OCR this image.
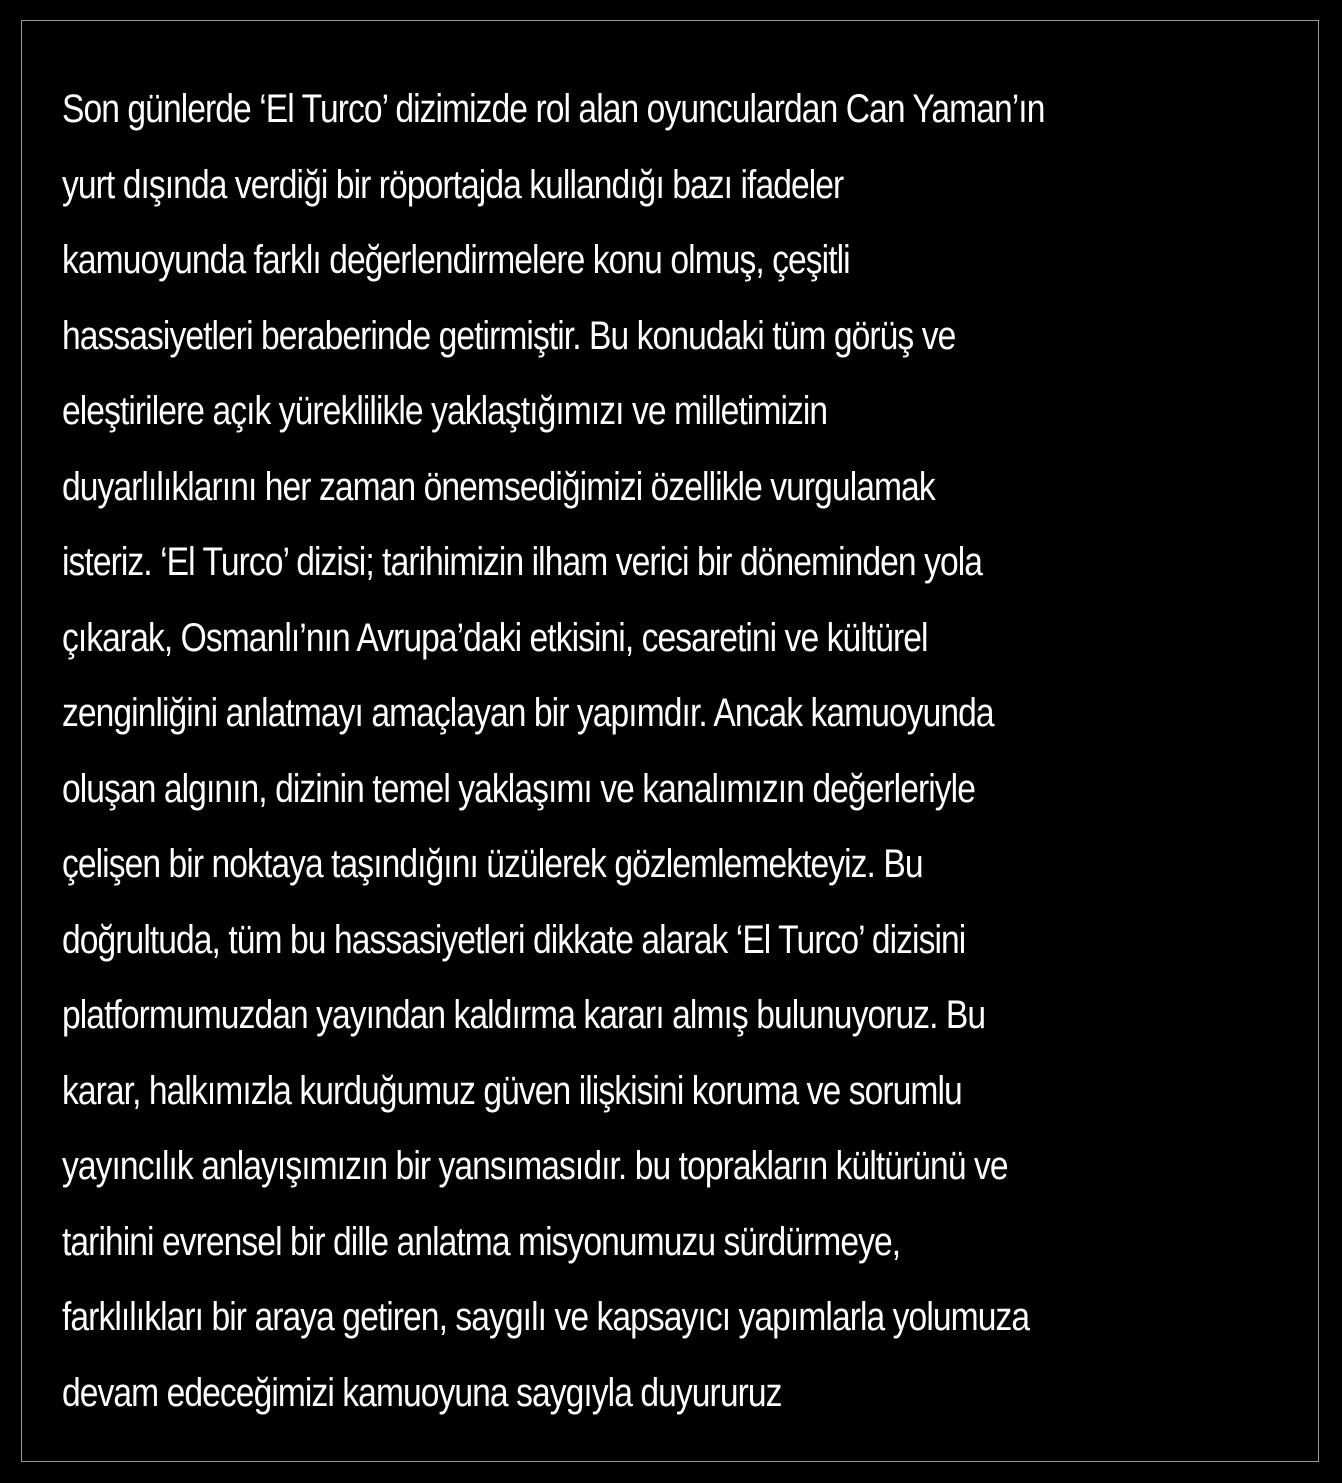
Son günlerde ‘El Turco’ dizimizde rol alan oyunculardan Can Yaman’ın
yurt dışında verdiği bir röportajda kullandığı bazı ifadeler
kamuoyunda farklı değerlendirmelere konu olmuş, çeşitli
hassasiyetleri beraberinde getirmiştir. Bu konudaki tüm görüş ve
eleştirilere açık yüreklilikle yaklaştığımızı ve milletimizin
duyarlılıklarını her zaman önemsediğimizi özellikle vurgulamak
isteriz. ‘El Turco’ dizisi; tarihimizin ilham verici bir döneminden yola
çıkarak, Osmanlı’nın Avrupa’daki etkisini, cesaretini ve kültürel
zenginliğini anlatmayı amaçlayan bir yapımdır. Ancak kamuoyunda
oluşan algının, dizinin temel yaklaşımı ve kanalımızın değerleriyle
çelişen bir noktaya taşındığını üzülerek gözlemlemekteyiz. Bu
doğrultuda, tüm bu hassasiyetleri dikkate alarak ‘El Turco’ dizisini
platformumuzdan yayından kaldırma kararı almış bulunuyoruz. Bu
karar, halkımızla kurduğumuz güven ilişkisini koruma ve sorumlu
yayıncılık anlayışımızın bir yansımasıdır. bu toprakların kültürünü ve
tarihini evrensel bir dille anlatma misyonumuzu sürdürmeye,
farklılıkları bir araya getiren, saygılı ve kapsayıcı yapımlarla yolumuza
devam edeceğimizi kamuoyuna saygıyla duyururuz
